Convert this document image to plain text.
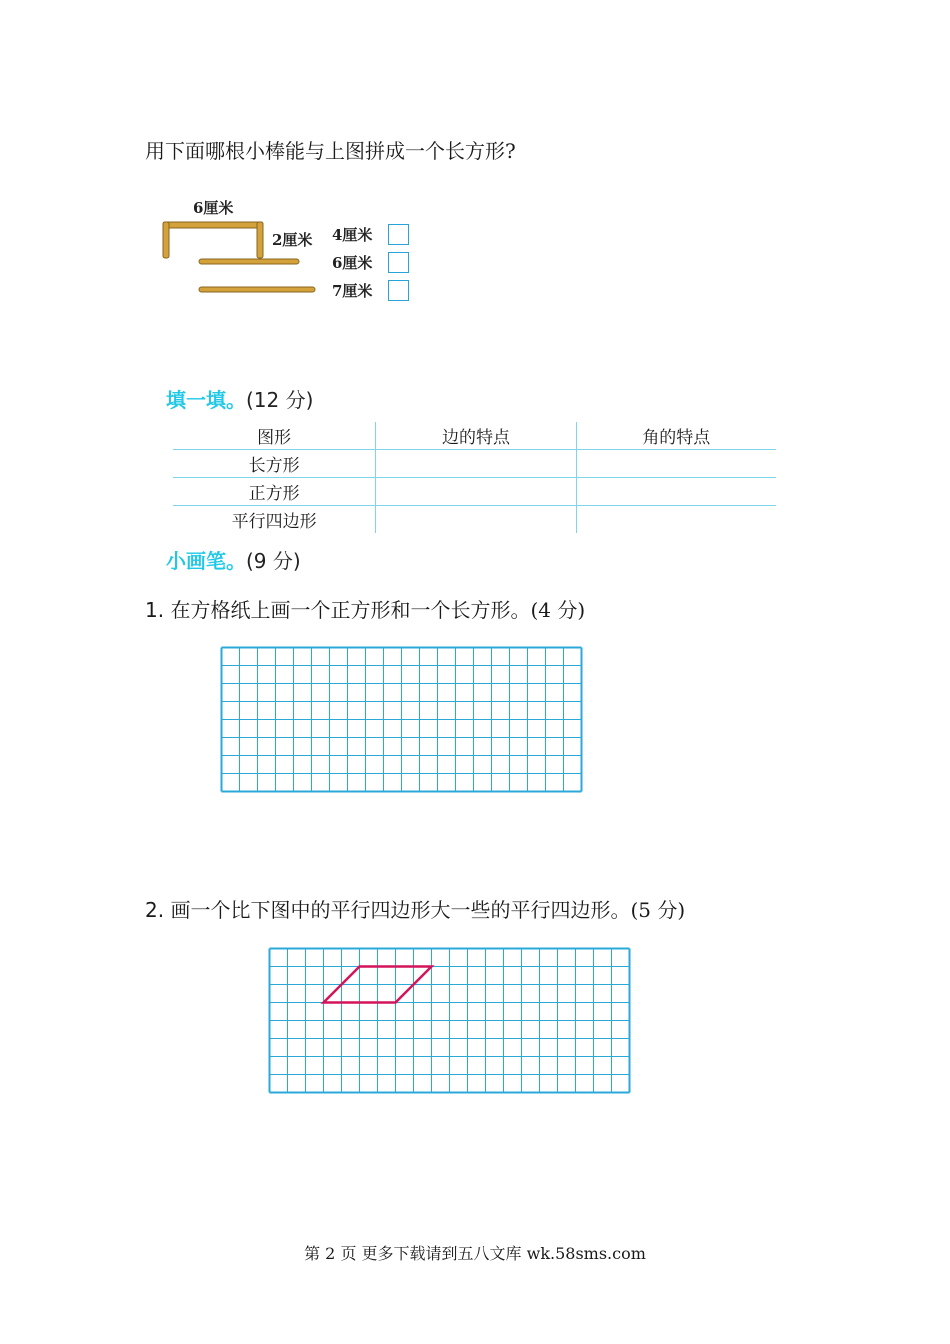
用下面哪根小棒能与上图拼成一个长方形?
6厘米
2厘米 4厘米
6厘米
7厘米
填一填。(12 分)
图形	边的特点	角的特点
长方形		
正方形		
平行四边形		
小画笔。(9 分)
1. 在方格纸上画一个正方形和一个长方形。(4 分)
2. 画一个比下图中的平行四边形大一些的平行四边形。(5 分)
第 2 页 更多下载请到五八文库 wk.58sms.com
